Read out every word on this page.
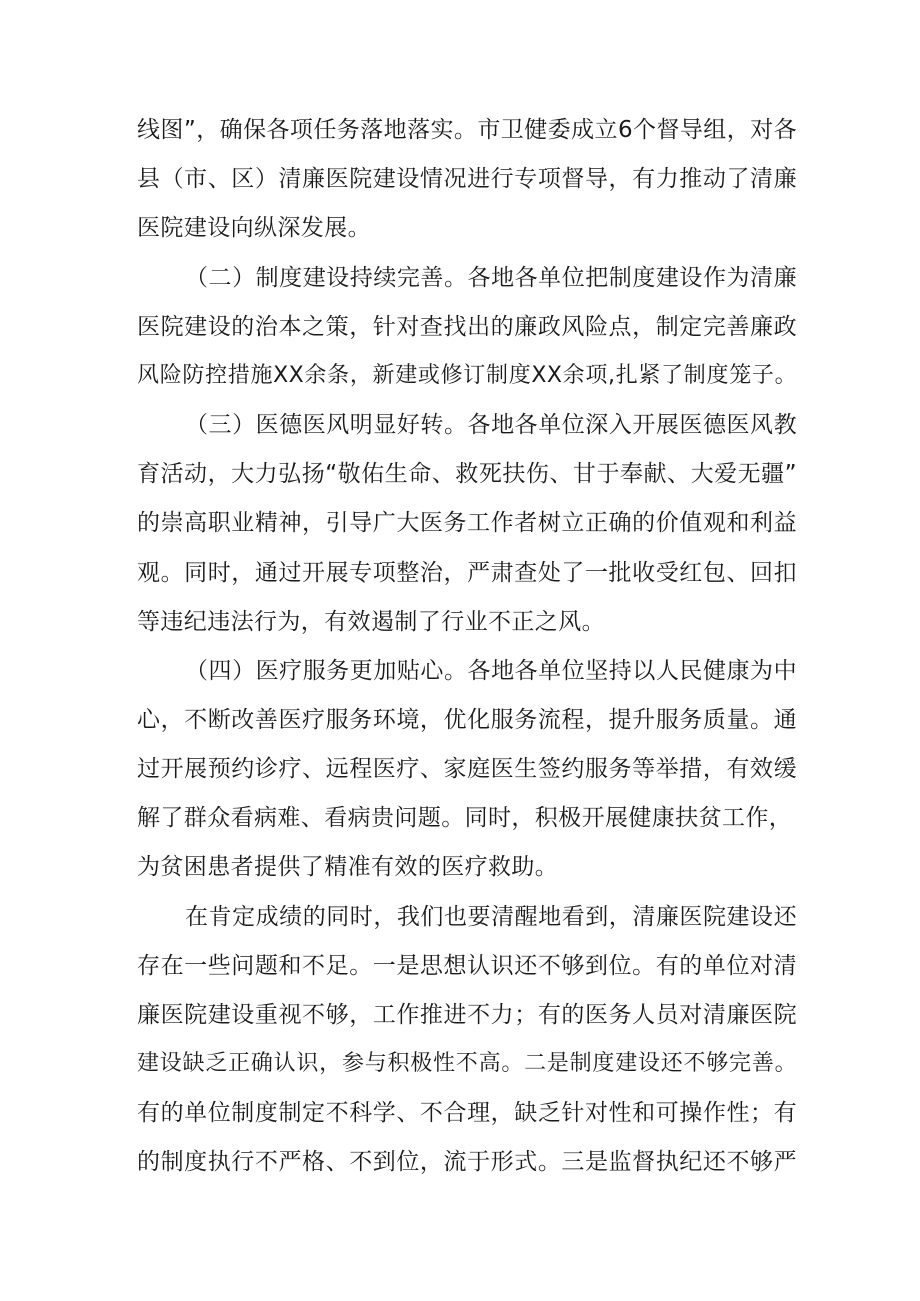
线图”，确保各项任务落地落实。市卫健委成立6个督导组，对各
县（市、区）清廉医院建设情况进行专项督导，有力推动了清廉
医院建设向纵深发展。
（二）制度建设持续完善。各地各单位把制度建设作为清廉
医院建设的治本之策，针对查找出的廉政风险点，制定完善廉政
风险防控措施XX余条，新建或修订制度XX余项,扎紧了制度笼子。
（三）医德医风明显好转。各地各单位深入开展医德医风教
育活动，大力弘扬“敬佑生命、救死扶伤、甘于奉献、大爱无疆”
的崇高职业精神，引导广大医务工作者树立正确的价值观和利益
观。同时，通过开展专项整治，严肃查处了一批收受红包、回扣
等违纪违法行为，有效遏制了行业不正之风。
（四）医疗服务更加贴心。各地各单位坚持以人民健康为中
心，不断改善医疗服务环境，优化服务流程，提升服务质量。通
过开展预约诊疗、远程医疗、家庭医生签约服务等举措，有效缓
解了群众看病难、看病贵问题。同时，积极开展健康扶贫工作，
为贫困患者提供了精准有效的医疗救助。
在肯定成绩的同时，我们也要清醒地看到，清廉医院建设还
存在一些问题和不足。一是思想认识还不够到位。有的单位对清
廉医院建设重视不够，工作推进不力；有的医务人员对清廉医院
建设缺乏正确认识，参与积极性不高。二是制度建设还不够完善。
有的单位制度制定不科学、不合理，缺乏针对性和可操作性；有
的制度执行不严格、不到位，流于形式。三是监督执纪还不够严
